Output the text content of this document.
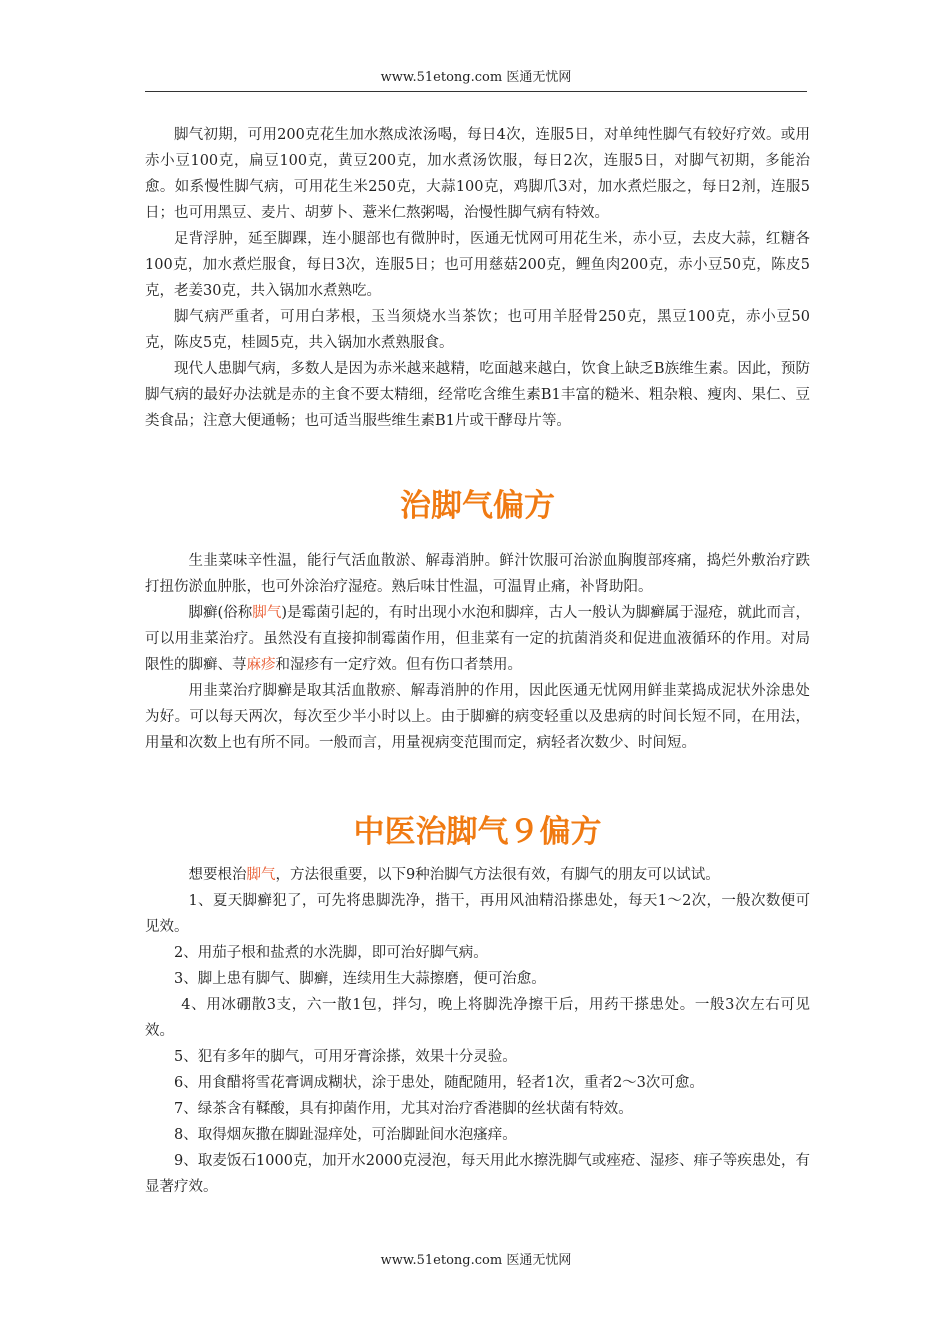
www.51etong.com 医通无忧网

脚气初期，可用200克花生加水熬成浓汤喝，每日4次，连服5日，对单纯性脚气有较好疗效。或用赤小豆100克，扁豆100克，黄豆200克，加水煮汤饮服，每日2次，连服5日，对脚气初期，多能治愈。如系慢性脚气病，可用花生米250克，大蒜100克，鸡脚爪3对，加水煮烂服之，每日2剂，连服5日；也可用黑豆、麦片、胡萝卜、薏米仁熬粥喝，治慢性脚气病有特效。

足背浮肿，延至脚踝，连小腿部也有微肿时，医通无忧网可用花生米，赤小豆，去皮大蒜，红糖各100克，加水煮烂服食，每日3次，连服5日；也可用慈菇200克，鲤鱼肉200克，赤小豆50克，陈皮5克，老姜30克，共入锅加水煮熟吃。

脚气病严重者，可用白茅根，玉当须烧水当茶饮；也可用羊胫骨250克，黑豆100克，赤小豆50克，陈皮5克，桂圆5克，共入锅加水煮熟服食。

现代人患脚气病，多数人是因为赤米越来越精，吃面越来越白，饮食上缺乏B族维生素。因此，预防脚气病的最好办法就是赤的主食不要太精细，经常吃含维生素B1丰富的糙米、粗杂粮、瘦肉、果仁、豆类食品；注意大便通畅；也可适当服些维生素B1片或干酵母片等。

治脚气偏方

生韭菜味辛性温，能行气活血散淤、解毒消肿。鲜汁饮服可治淤血胸腹部疼痛，捣烂外敷治疗跌打扭伤淤血肿胀，也可外涂治疗湿疮。熟后味甘性温，可温胃止痛，补肾助阳。

脚癣(俗称脚气)是霉菌引起的，有时出现小水泡和脚痒，古人一般认为脚癣属于湿疮，就此而言，可以用韭菜治疗。虽然没有直接抑制霉菌作用，但韭菜有一定的抗菌消炎和促进血液循环的作用。对局限性的脚癣、荨麻疹和湿疹有一定疗效。但有伤口者禁用。

用韭菜治疗脚癣是取其活血散瘀、解毒消肿的作用，因此医通无忧网用鲜韭菜捣成泥状外涂患处为好。可以每天两次，每次至少半小时以上。由于脚癣的病变轻重以及患病的时间长短不同，在用法，用量和次数上也有所不同。一般而言，用量视病变范围而定，病轻者次数少、时间短。

中医治脚气９偏方

想要根治脚气，方法很重要，以下9种治脚气方法很有效，有脚气的朋友可以试试。

1、夏天脚癣犯了，可先将患脚洗净，揩干，再用风油精沿搽患处，每天1～2次，一般次数便可见效。

2、用茄子根和盐煮的水洗脚，即可治好脚气病。

3、脚上患有脚气、脚癣，连续用生大蒜擦磨，便可治愈。

4、用冰硼散3支，六一散1包，拌匀，晚上将脚洗净擦干后，用药干搽患处。一般3次左右可见效。

5、犯有多年的脚气，可用牙膏涂搽，效果十分灵验。

6、用食醋将雪花膏调成糊状，涂于患处，随配随用，轻者1次，重者2～3次可愈。

7、绿茶含有鞣酸，具有抑菌作用，尤其对治疗香港脚的丝状菌有特效。

8、取得烟灰撒在脚趾湿痒处，可治脚趾间水泡瘙痒。

9、取麦饭石1000克，加开水2000克浸泡，每天用此水擦洗脚气或痤疮、湿疹、痱子等疾患处，有显著疗效。

www.51etong.com 医通无忧网
